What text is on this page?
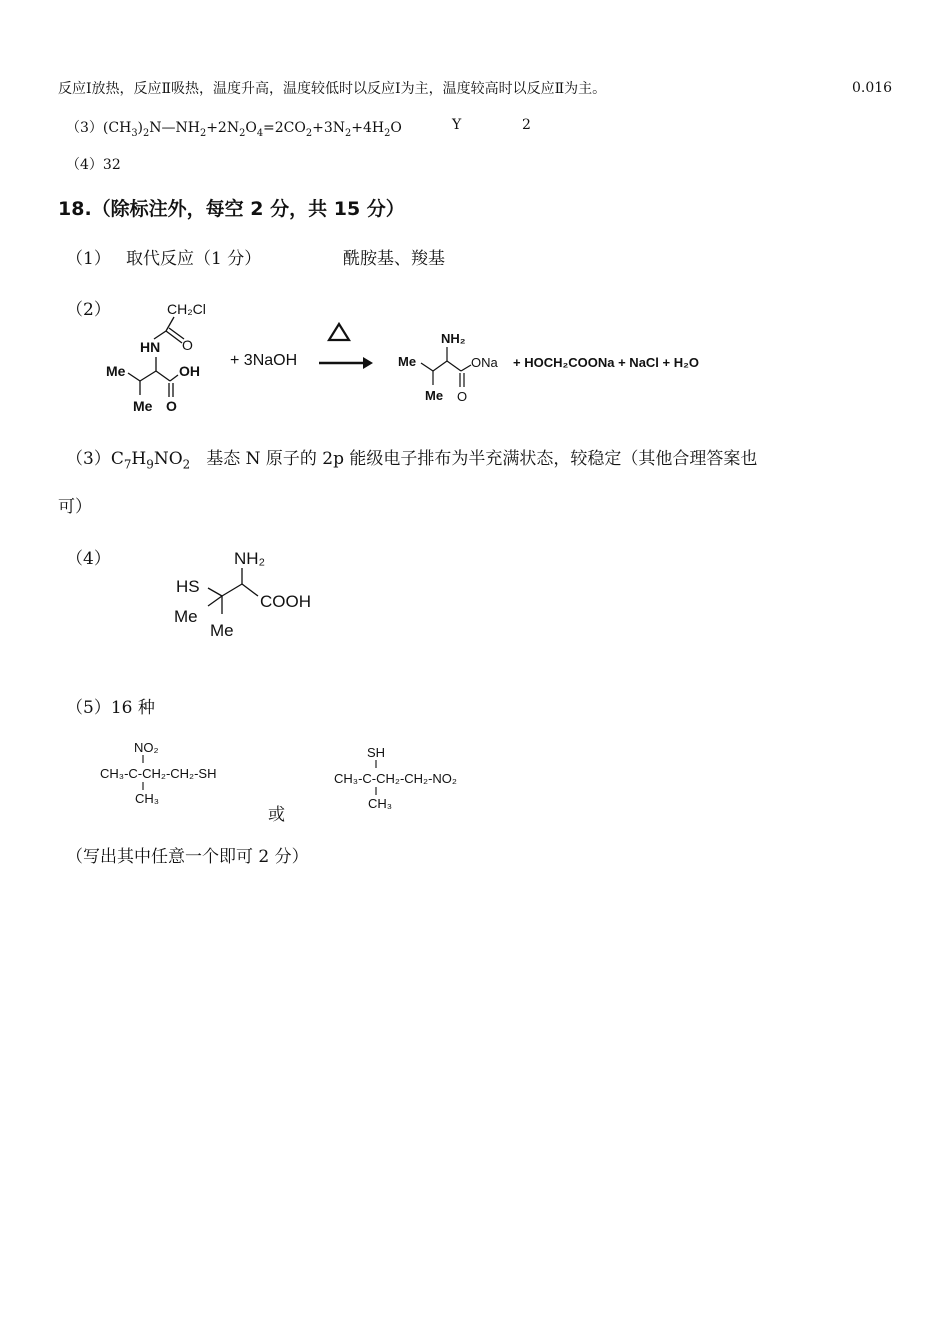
反应Ⅰ放热，反应Ⅱ吸热，温度升高，温度较低时以反应Ⅰ为主，温度较高时以反应Ⅱ为主。	0.016
$(3)(CH_3)_2N—NH_2+2N_2O_4=2CO_2+3N_2+4H_2O$	Y	2
（4）32
18.（除标注外，每空 2 分，共 15 分）
（1） 取代反应（1 分）	酰胺基、羧基
（2）	CH₂Cl
O
HN
Me
Me
OH
O
+ 3NaOH
NH₂
Me
Me
ONa
O
+ HOCH₂COONa + NaCl + H₂O
$(3)C_7H_9NO_2$ 基态 N 原子的 2p 能级电子排布为半充满状态，较稳定（其他合理答案也
可）
（4）	NH₂
COOH
HS
Me
Me
（5）16 种
NO₂
CH₃-C-CH₂-CH₂-SH
CH₃
或
SH
CH₃-C-CH₂-CH₂-NO₂
CH₃
（写出其中任意一个即可 2 分）
